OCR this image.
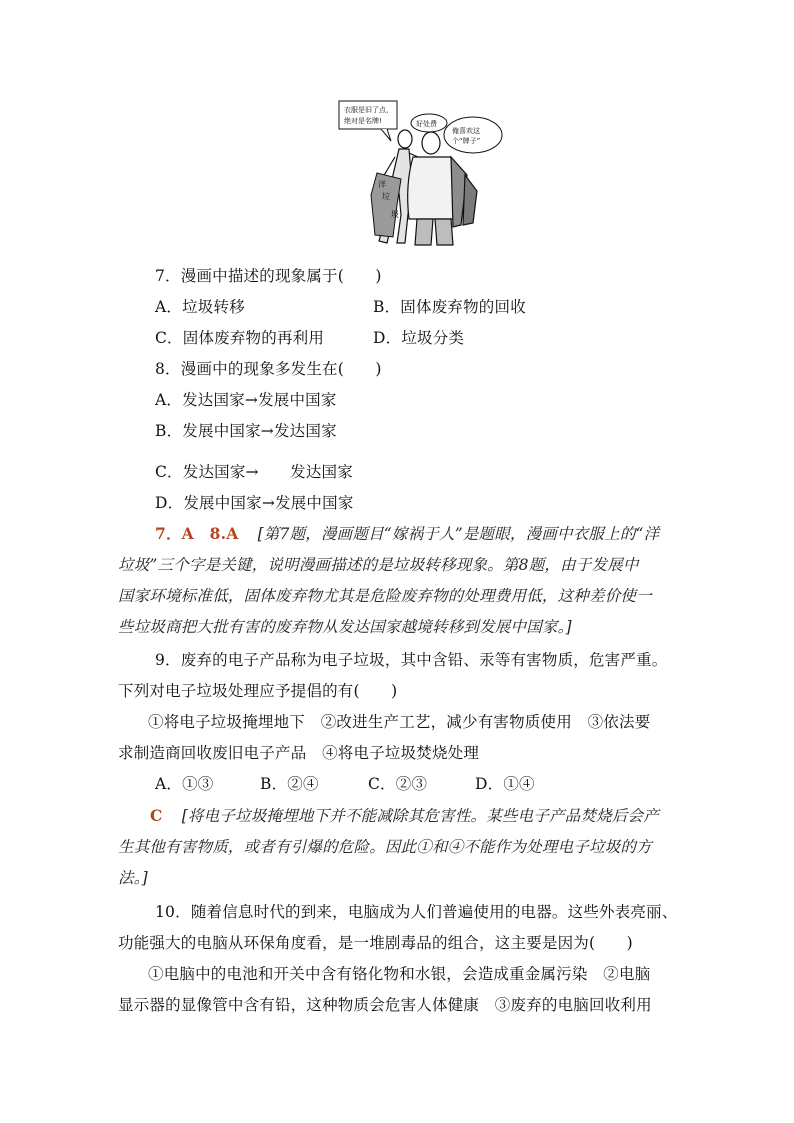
衣服是旧了点，
绝对是名牌!	好处费
俺喜欢这
个“牌子”
洋
垃
圾
7．漫画中描述的现象属于(　　)
A．垃圾转移	B．固体废弃物的回收
C．固体废弃物的再利用	D．垃圾分类
8．漫画中的现象多发生在(　　)
A．发达国家→发展中国家
B．发展中国家→发达国家
C．发达国家→　　发达国家
D．发展中国家→发展中国家
7．A　8.A [第7题，漫画题目“嫁祸于人”是题眼，漫画中衣服上的“洋
垃圾”三个字是关键，说明漫画描述的是垃圾转移现象。第8题，由于发展中
国家环境标准低，固体废弃物尤其是危险废弃物的处理费用低，这种差价使一
些垃圾商把大批有害的废弃物从发达国家越境转移到发展中国家。]
9．废弃的电子产品称为电子垃圾，其中含铅、汞等有害物质，危害严重。
下列对电子垃圾处理应予提倡的有(　　)
①将电子垃圾掩埋地下　②改进生产工艺，减少有害物质使用　③依法要
求制造商回收废旧电子产品　④将电子垃圾焚烧处理
A．①③	B．②④	C．②③	D．①④
C [将电子垃圾掩埋地下并不能减除其危害性。某些电子产品焚烧后会产
生其他有害物质，或者有引爆的危险。因此①和④不能作为处理电子垃圾的方
法。]
10．随着信息时代的到来，电脑成为人们普遍使用的电器。这些外表亮丽、
功能强大的电脑从环保角度看，是一堆剧毒品的组合，这主要是因为(　　)
①电脑中的电池和开关中含有铬化物和水银，会造成重金属污染　②电脑
显示器的显像管中含有铅，这种物质会危害人体健康　③废弃的电脑回收利用
